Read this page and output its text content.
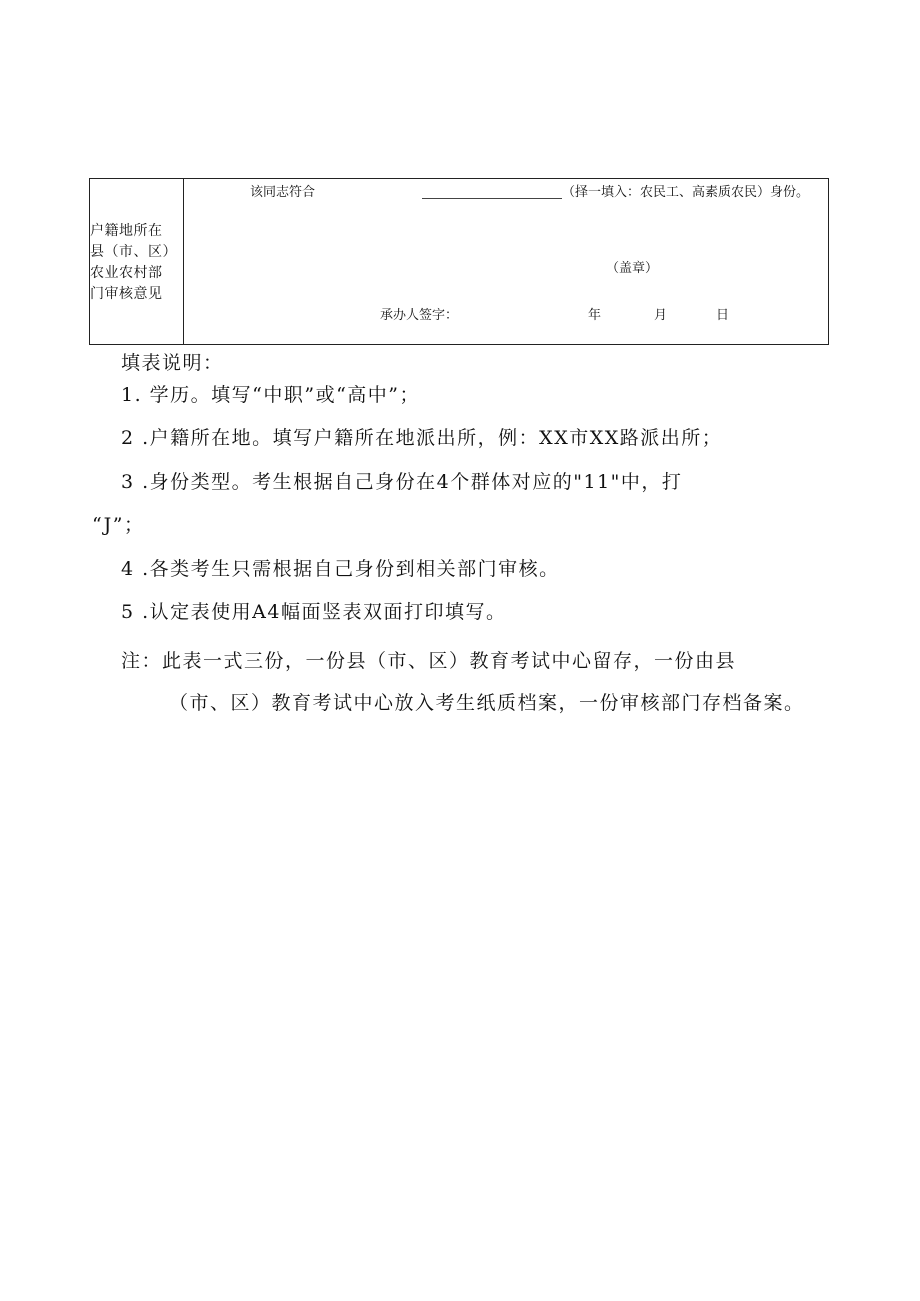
户籍地所在
县（市、区）
农业农村部
门审核意见
该同志符合	（择一填入：农民工、高素质农民）身份。
（盖章）
承办人签字：	年	月	日
填表说明：
1. 学历。填写“中职”或“高中”；
2 .户籍所在地。填写户籍所在地派出所，例：XX市XX路派出所；
3 .身份类型。考生根据自己身份在4个群体对应的"11"中，打
“J”；
4 .各类考生只需根据自己身份到相关部门审核。
5 .认定表使用A4幅面竖表双面打印填写。
注：此表一式三份，一份县（市、区）教育考试中心留存，一份由县
（市、区）教育考试中心放入考生纸质档案，一份审核部门存档备案。
